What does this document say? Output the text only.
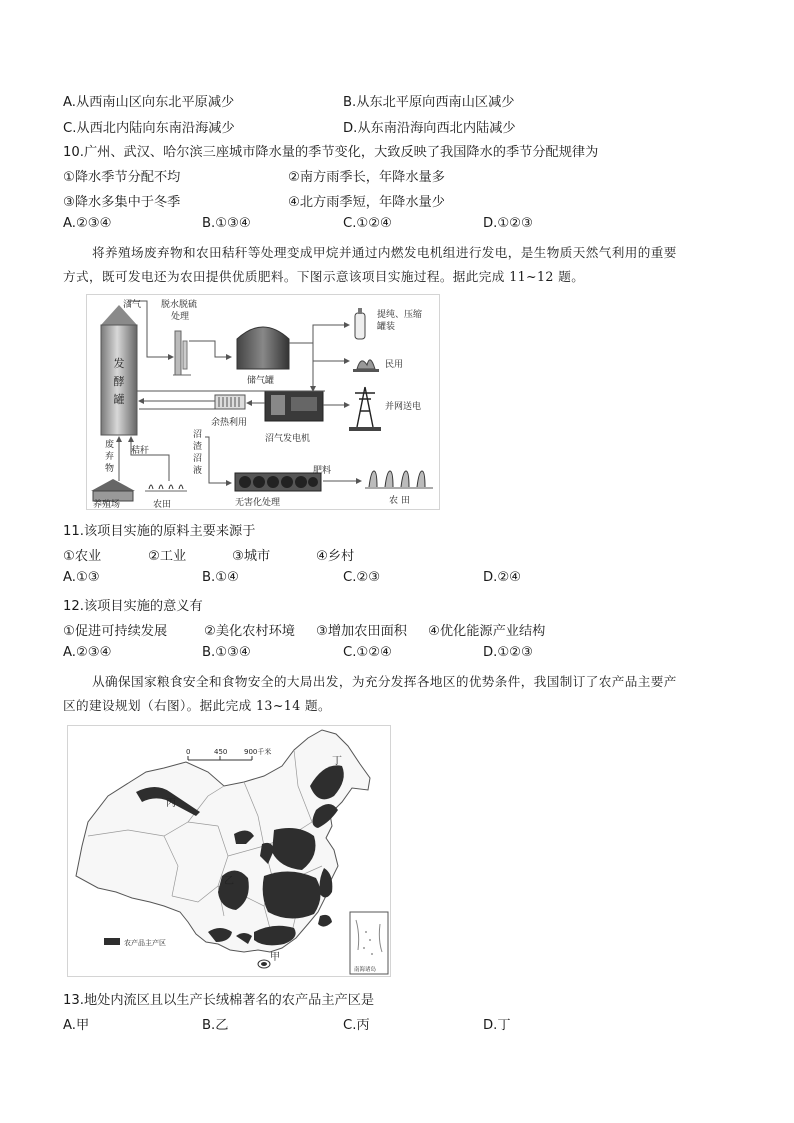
A.从西南山区向东北平原减少	B.从东北平原向西南山区减少
C.从西北内陆向东南沿海减少	D.从东南沿海向西北内陆减少
10.广州、武汉、哈尔滨三座城市降水量的季节变化，大致反映了我国降水的季节分配规律为
①降水季节分配不均	②南方雨季长，年降水量多
③降水多集中于冬季	④北方雨季短，年降水量少
A.②③④	B.①③④	C.①②④	D.①②③
将养殖场废弃物和农田秸秆等处理变成甲烷并通过内燃发电机组进行发电，是生物质天然气利用的重要
方式，既可发电还为农田提供优质肥料。下图示意该项目实施过程。据此完成 11~12 题。
发
酵
罐
沼气 脱水脱硫
处理
储气罐
提纯、压缩
罐装
民用
沼气发电机
余热利用
并网送电
废
弃
物
秸秆
沼
渣
沼
液
养殖场	农田	无害化处理
肥料
农 田
11.该项目实施的原料主要来源于
①农业	②工业	③城市	④乡村
A.①③	B.①④	C.②③	D.②④
12.该项目实施的意义有
①促进可持续发展	②美化农村环境 ③增加农田面积 ④优化能源产业结构
A.②③④	B.①③④	C.①②④	D.①②③
从确保国家粮食安全和食物安全的大局出发，为充分发挥各地区的优势条件，我国制订了农产品主要产
区的建设规划（右图）。据此完成 13~14 题。
0	450 900千米
丁
丙
乙
甲
农产品主产区
南海诸岛
13.地处内流区且以生产长绒棉著名的农产品主产区是
A.甲	B.乙	C.丙	D.丁
